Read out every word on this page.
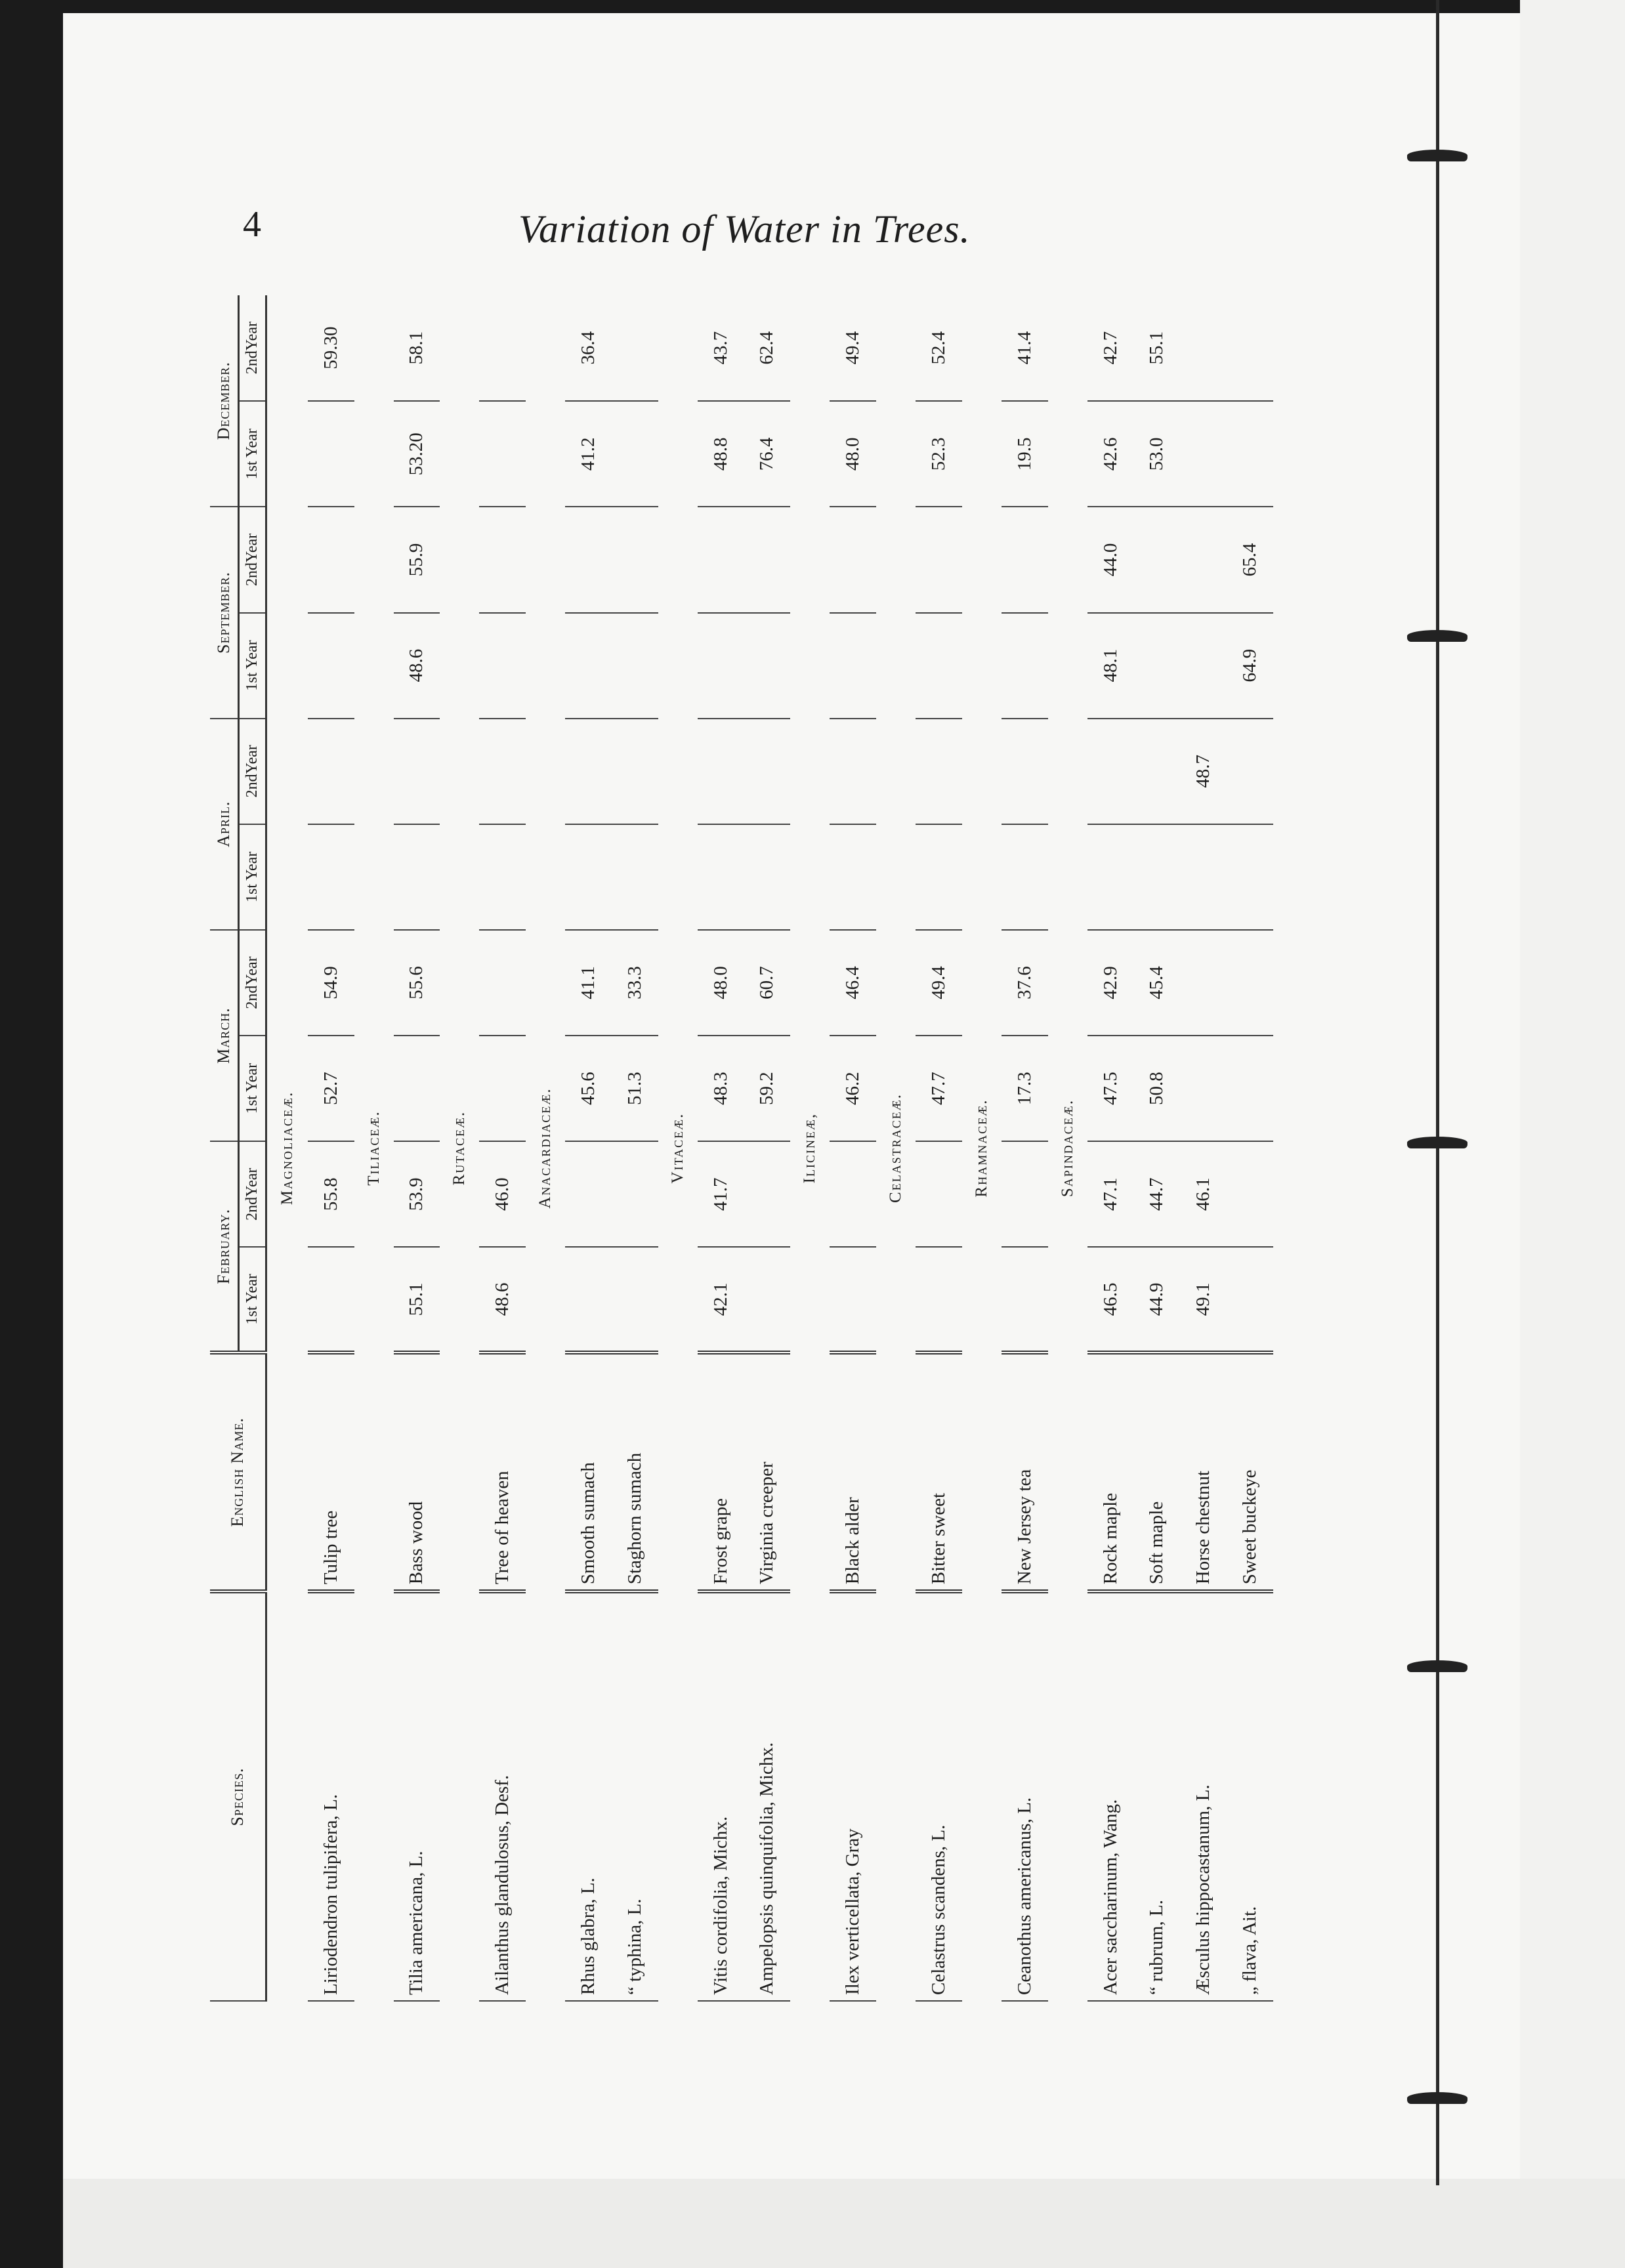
4	Variation of Water in Trees.
Species.	English Name.	February.		March.		April.		September.		December.	
		1st Year	2ndYear	1st Year	2ndYear	1st Year	2ndYear	1st Year	2ndYear	1st Year	2ndYear
Magnoliaceæ.											
Liriodendron tulipifera, L.	Tulip tree		55.8	52.7	54.9						59.30
Tiliaceæ.											
Tilia americana, L.	Bass wood	55.1	53.9		55.6			48.6	55.9	53.20	58.1
Rutaceæ.											
Ailanthus glandulosus, Desf.	Tree of heaven	48.6	46.0								
Anacardiaceæ.											
Rhus glabra, L.	Smooth sumach			45.6	41.1					41.2	36.4
“ typhina, L.	Staghorn sumach			51.3	33.3						
Vitaceæ.											
Vitis cordifolia, Michx.	Frost grape	42.1	41.7	48.3	48.0					48.8	43.7
Ampelopsis quinquifolia, Michx.	Virginia creeper			59.2	60.7					76.4	62.4
Ilicineæ,											
Ilex verticellata, Gray	Black alder			46.2	46.4					48.0	49.4
Celastraceæ.											
Celastrus scandens, L.	Bitter sweet			47.7	49.4					52.3	52.4
Rhamnaceæ.											
Ceanothus americanus, L.	New Jersey tea			17.3	37.6					19.5	41.4
Sapindaceæ.											
Acer saccharinum, Wang.	Rock maple	46.5	47.1	47.5	42.9			48.1	44.0	42.6	42.7
“ rubrum, L.	Soft maple	44.9	44.7	50.8	45.4					53.0	55.1
Æsculus hippocastanum, L.	Horse chestnut	49.1	46.1				48.7				
„ flava, Ait.	Sweet buckeye							64.9	65.4		
